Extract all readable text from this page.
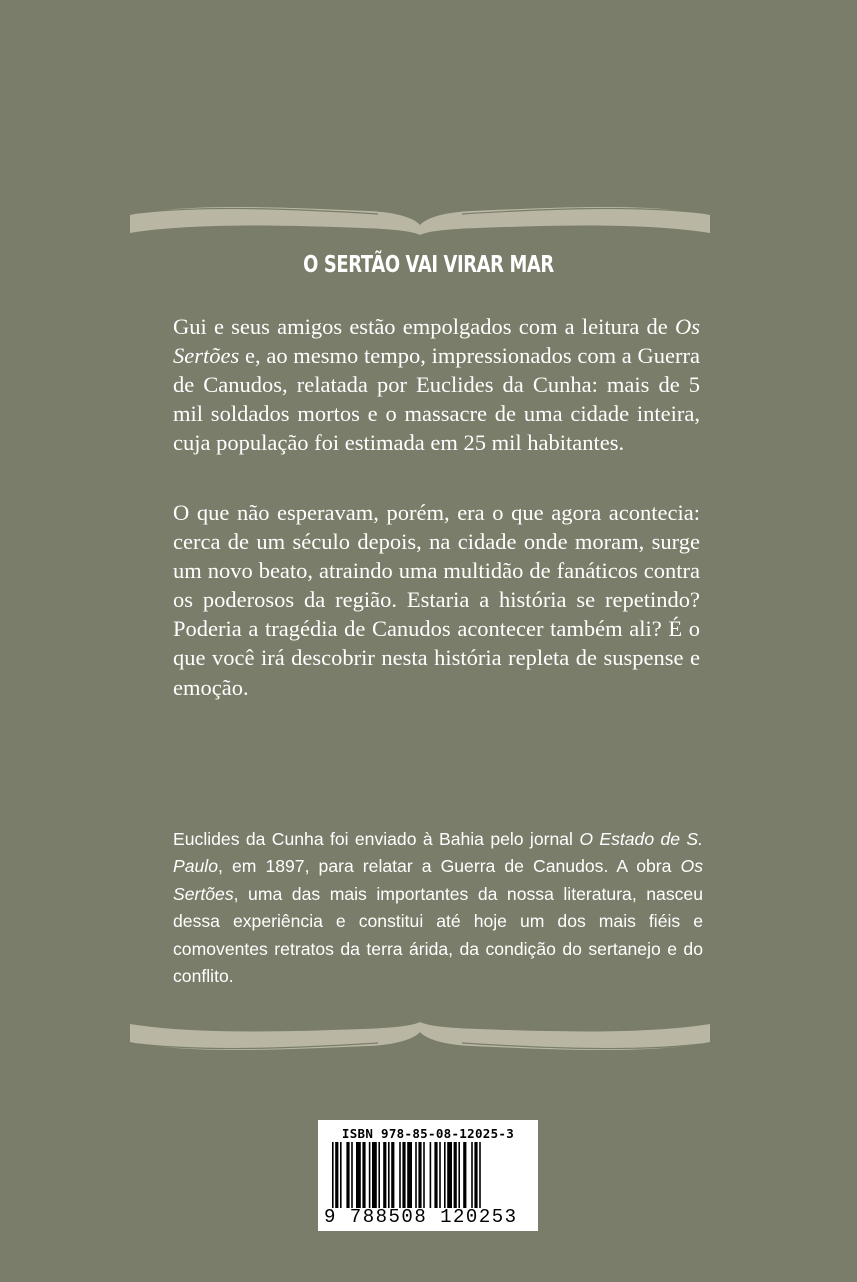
O SERTÃO VAI VIRAR MAR

Gui e seus amigos estão empolgados com a leitura de Os Sertões e, ao mesmo tempo, impressionados com a Guerra de Canudos, relatada por Euclides da Cunha: mais de 5 mil soldados mortos e o massacre de uma cidade inteira, cuja população foi estimada em 25 mil habitantes.

O que não esperavam, porém, era o que agora acontecia: cerca de um século depois, na cidade onde moram, surge um novo beato, atraindo uma multidão de fanáticos contra os poderosos da região. Estaria a história se repetindo? Poderia a tragédia de Canudos acontecer também ali? É o que você irá descobrir nesta história repleta de suspense e emoção.

Euclides da Cunha foi enviado à Bahia pelo jornal O Estado de S. Paulo, em 1897, para relatar a Guerra de Canudos. A obra Os Sertões, uma das mais importantes da nossa literatura, nasceu dessa experiência e constitui até hoje um dos mais fiéis e comoventes retratos da terra árida, da condição do sertanejo e do conflito.

ISBN 978-85-08-12025-3
9 788508 120253
